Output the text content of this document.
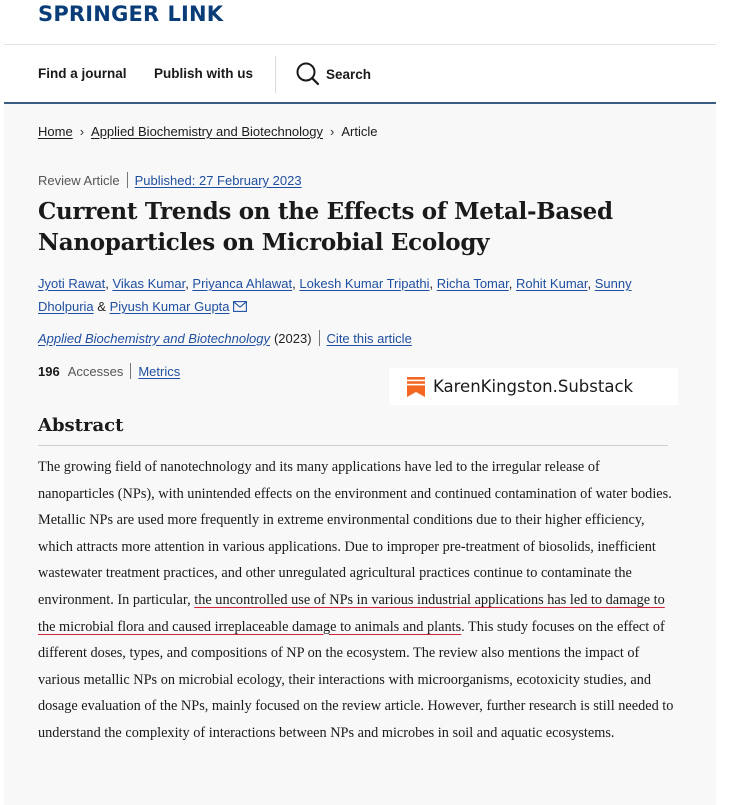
SPRINGER LINK
Find a journal Publish with us	Search
Home › Applied Biochemistry and Biotechnology › Article
Review Article Published: 27 February 2023
Current Trends on the Effects of Metal-Based Nanoparticles on Microbial Ecology
Jyoti Rawat, Vikas Kumar, Priyanca Ahlawat, Lokesh Kumar Tripathi, Richa Tomar, Rohit Kumar, Sunny Dholpuria & Piyush Kumar Gupta
Applied Biochemistry and Biotechnology (2023) Cite this article
196 Accesses Metrics
KarenKingston.Substack
Abstract

The growing field of nanotechnology and its many applications have led to the irregular release of nanoparticles (NPs), with unintended effects on the environment and continued contamination of water bodies. Metallic NPs are used more frequently in extreme environmental conditions due to their higher efficiency, which attracts more attention in various applications. Due to improper pre-treatment of biosolids, inefficient wastewater treatment practices, and other unregulated agricultural practices continue to contaminate the environment. In particular, the uncontrolled use of NPs in various industrial applications has led to damage to the microbial flora and caused irreplaceable damage to animals and plants. This study focuses on the effect of different doses, types, and compositions of NP on the ecosystem. The review also mentions the impact of various metallic NPs on microbial ecology, their interactions with microorganisms, ecotoxicity studies, and dosage evaluation of the NPs, mainly focused on the review article. However, further research is still needed to understand the complexity of interactions between NPs and microbes in soil and aquatic ecosystems.
